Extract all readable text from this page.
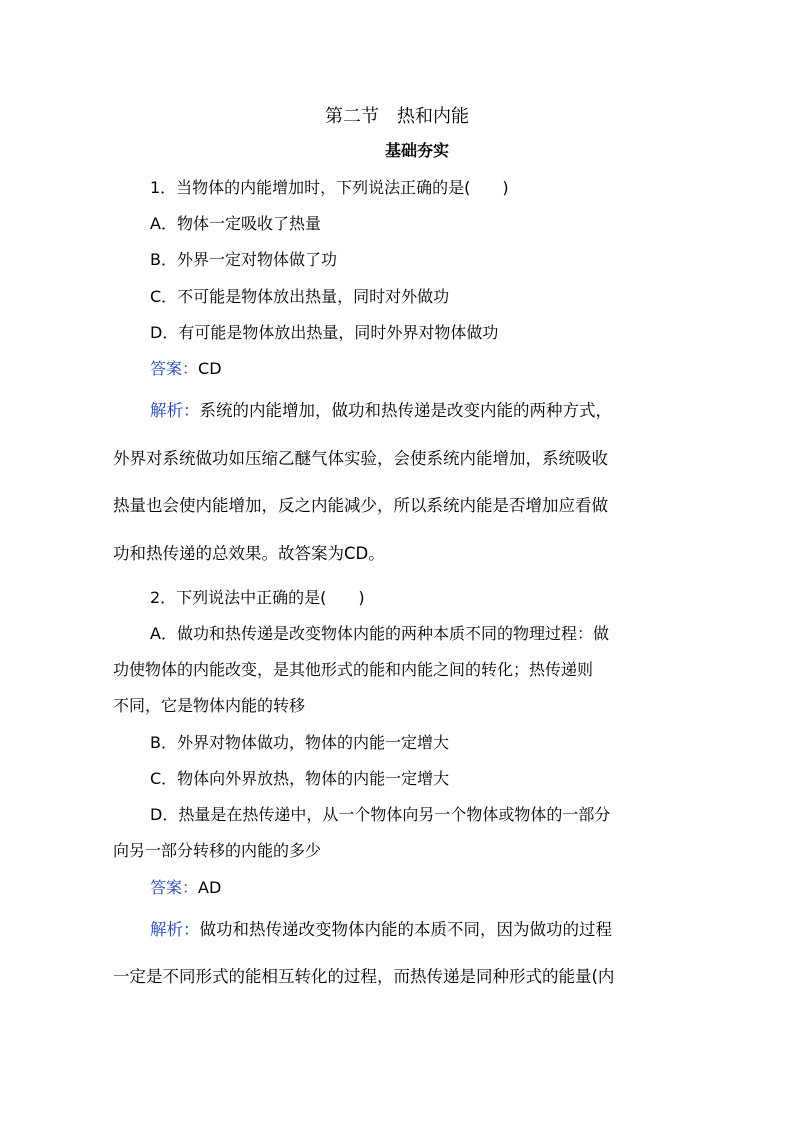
第二节　热和内能
基础夯实
1．当物体的内能增加时，下列说法正确的是(　　)
A．物体一定吸收了热量
B．外界一定对物体做了功
C．不可能是物体放出热量，同时对外做功
D．有可能是物体放出热量，同时外界对物体做功
答案：CD
解析：系统的内能增加，做功和热传递是改变内能的两种方式，
外界对系统做功如压缩乙醚气体实验，会使系统内能增加，系统吸收
热量也会使内能增加，反之内能减少，所以系统内能是否增加应看做
功和热传递的总效果。故答案为CD。
2．下列说法中正确的是(　　)
A．做功和热传递是改变物体内能的两种本质不同的物理过程：做
功使物体的内能改变，是其他形式的能和内能之间的转化；热传递则
不同，它是物体内能的转移
B．外界对物体做功，物体的内能一定增大
C．物体向外界放热，物体的内能一定增大
D．热量是在热传递中，从一个物体向另一个物体或物体的一部分
向另一部分转移的内能的多少
答案：AD
解析：做功和热传递改变物体内能的本质不同，因为做功的过程
一定是不同形式的能相互转化的过程，而热传递是同种形式的能量(内
